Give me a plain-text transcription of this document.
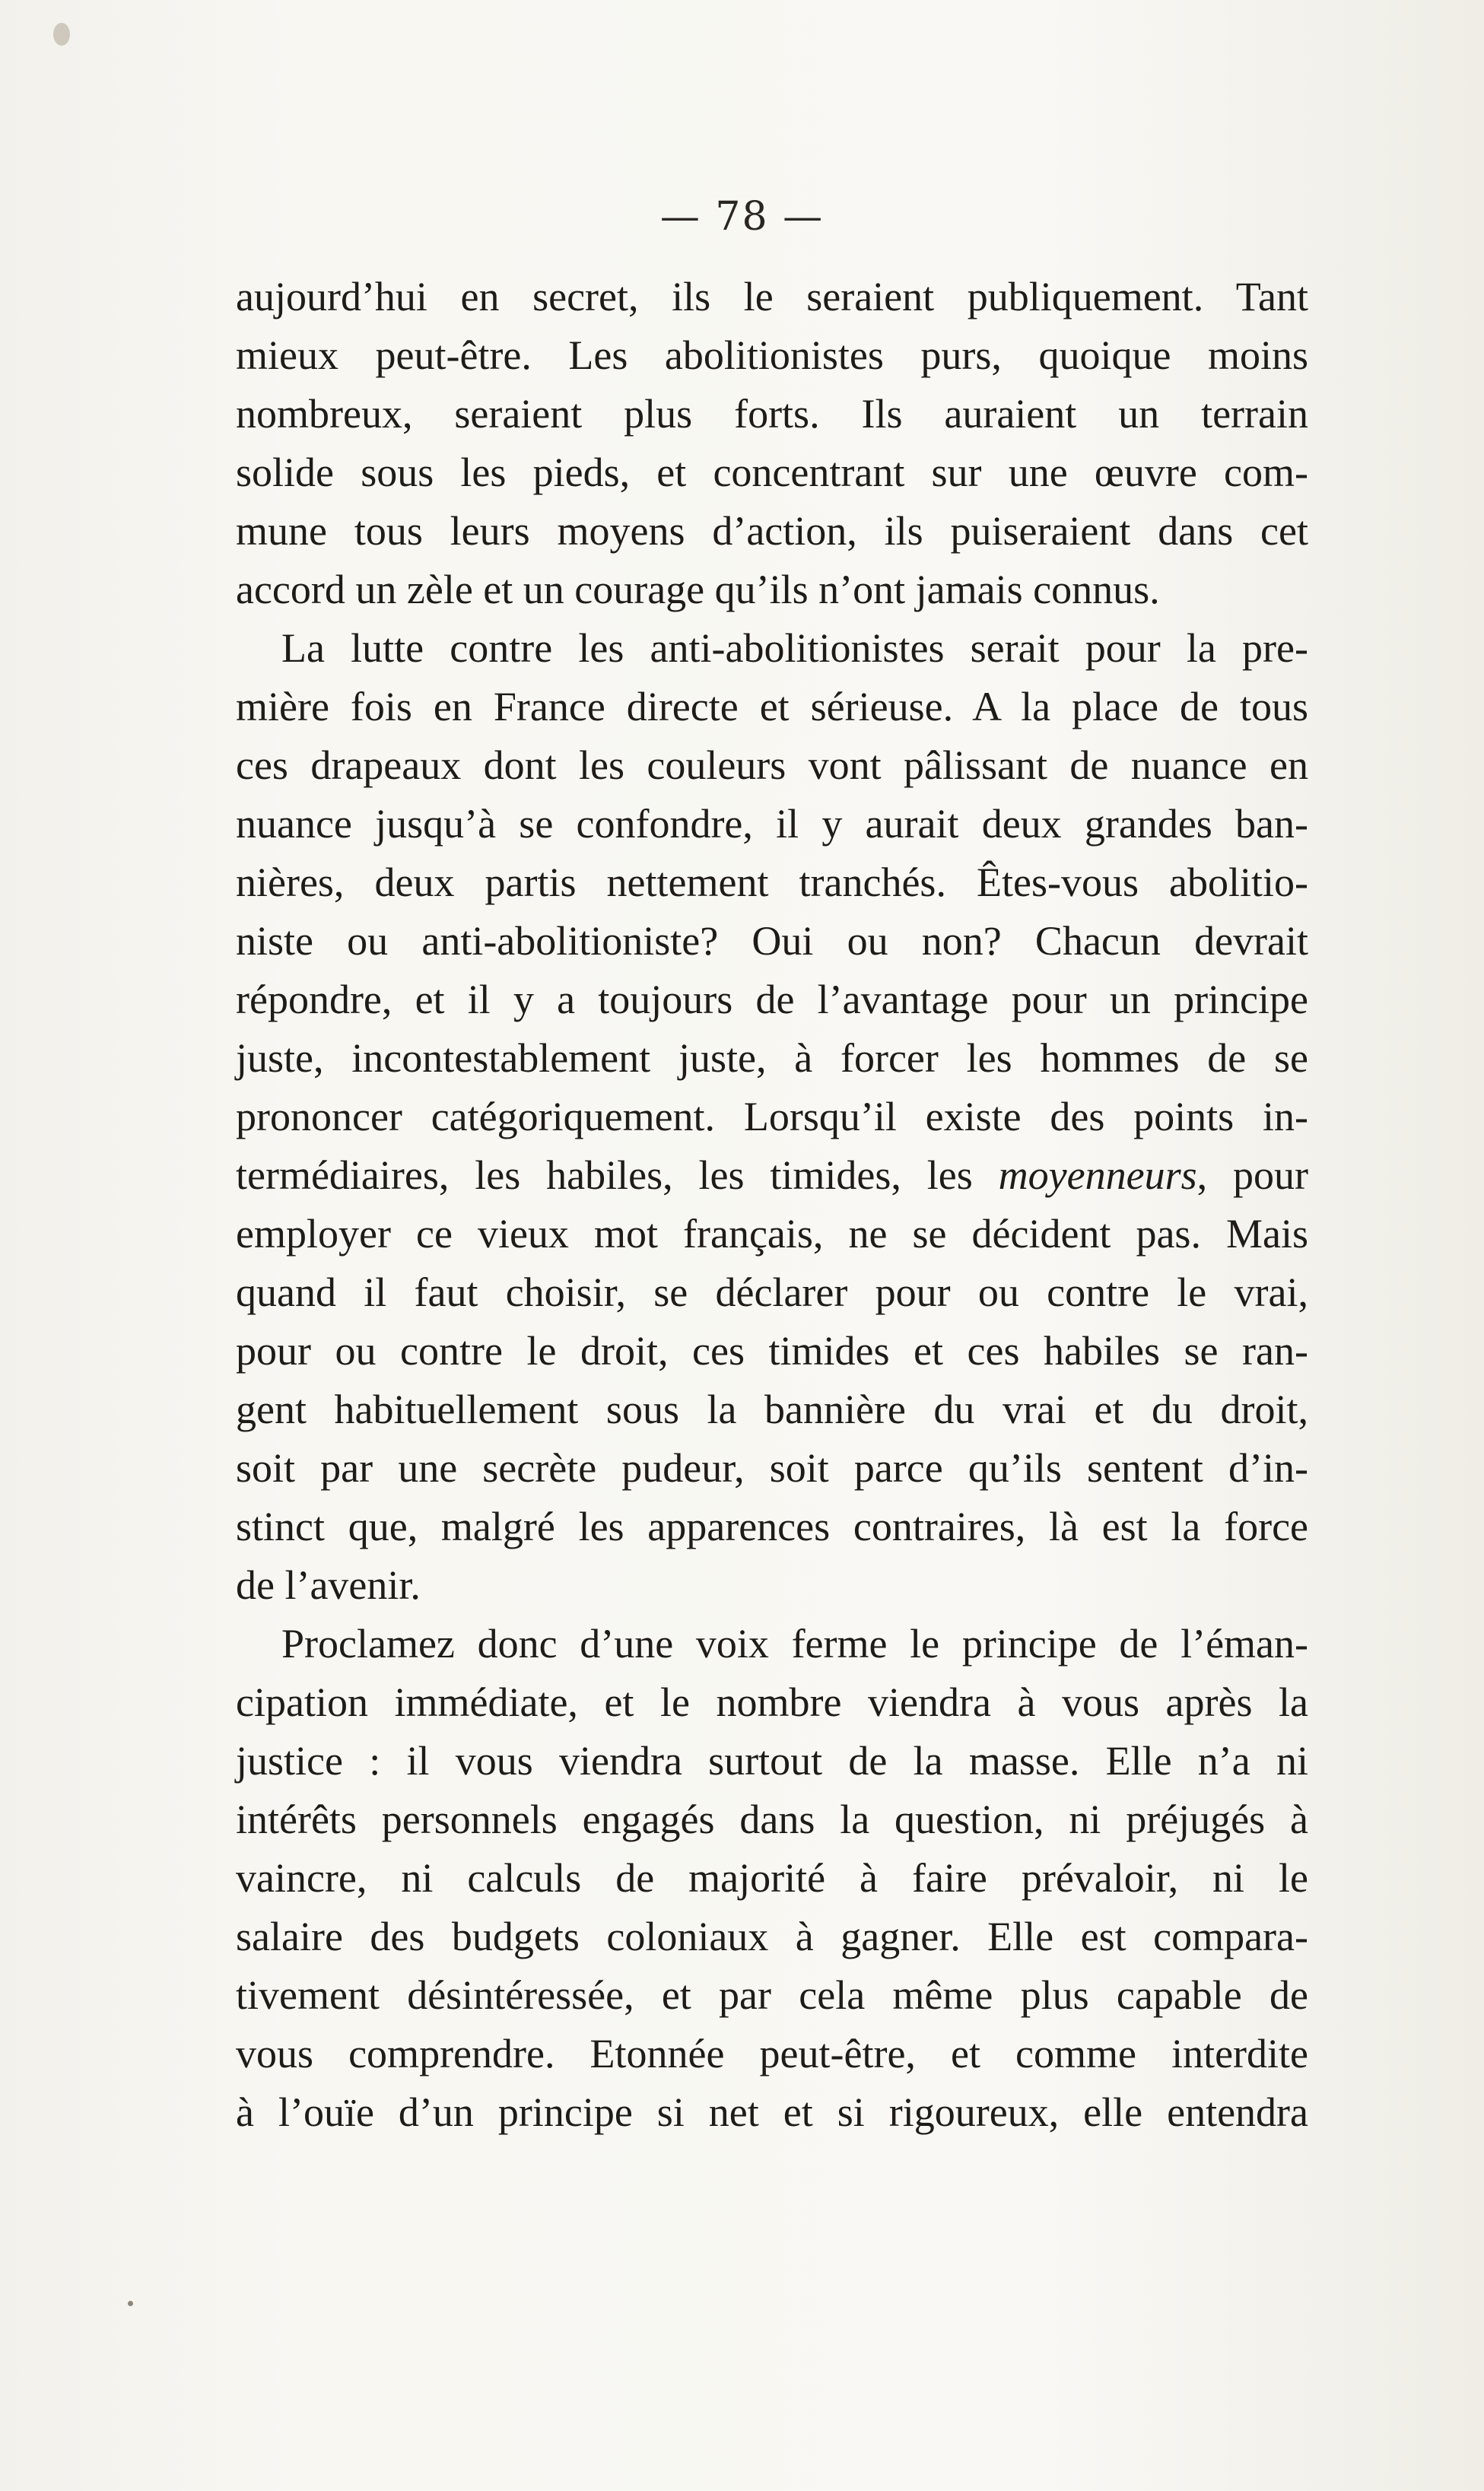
— 78 —
aujourd’hui en secret, ils le seraient publiquement. Tant
mieux peut-être. Les abolitionistes purs, quoique moins
nombreux, seraient plus forts. Ils auraient un terrain
solide sous les pieds, et concentrant sur une œuvre com-
mune tous leurs moyens d’action, ils puiseraient dans cet
accord un zèle et un courage qu’ils n’ont jamais connus.
La lutte contre les anti-abolitionistes serait pour la pre-
mière fois en France directe et sérieuse. A la place de tous
ces drapeaux dont les couleurs vont pâlissant de nuance en
nuance jusqu’à se confondre, il y aurait deux grandes ban-
nières, deux partis nettement tranchés. Êtes-vous abolitio-
niste ou anti-abolitioniste? Oui ou non? Chacun devrait
répondre, et il y a toujours de l’avantage pour un principe
juste, incontestablement juste, à forcer les hommes de se
prononcer catégoriquement. Lorsqu’il existe des points in-
termédiaires, les habiles, les timides, les moyenneurs, pour
employer ce vieux mot français, ne se décident pas. Mais
quand il faut choisir, se déclarer pour ou contre le vrai,
pour ou contre le droit, ces timides et ces habiles se ran-
gent habituellement sous la bannière du vrai et du droit,
soit par une secrète pudeur, soit parce qu’ils sentent d’in-
stinct que, malgré les apparences contraires, là est la force
de l’avenir.
Proclamez donc d’une voix ferme le principe de l’éman-
cipation immédiate, et le nombre viendra à vous après la
justice : il vous viendra surtout de la masse. Elle n’a ni
intérêts personnels engagés dans la question, ni préjugés à
vaincre, ni calculs de majorité à faire prévaloir, ni le
salaire des budgets coloniaux à gagner. Elle est compara-
tivement désintéressée, et par cela même plus capable de
vous comprendre. Etonnée peut-être, et comme interdite
à l’ouïe d’un principe si net et si rigoureux, elle entendra
